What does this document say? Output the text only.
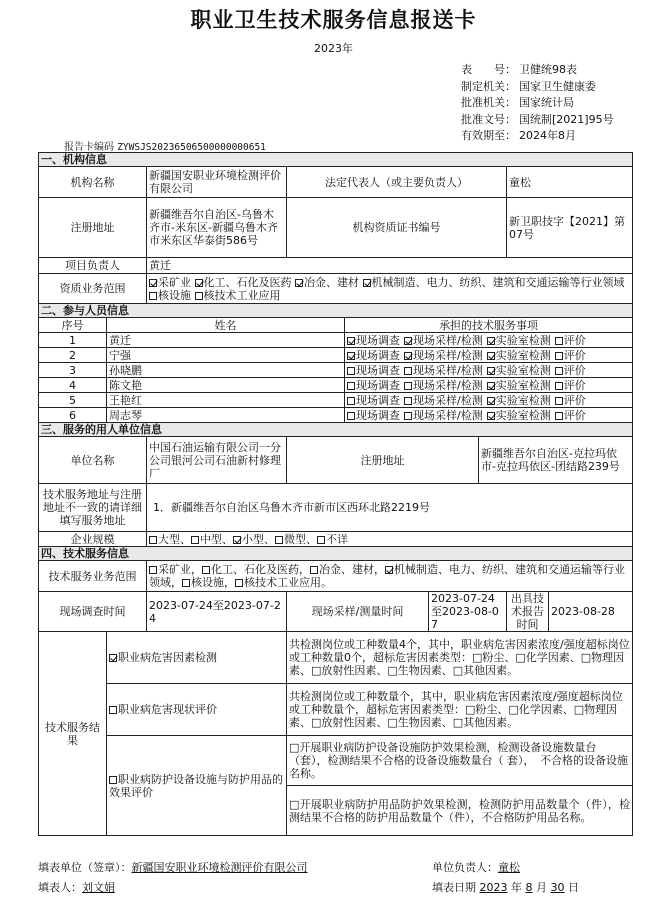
职业卫生技术服务信息报送卡
2023年
表　　号： 卫健统98表
制定机关： 国家卫生健康委
批准机关： 国家统计局
批准文号： 国统制[2021]95号
有效期至： 2024年8月
报告卡编码 ZYWSJS20236506500000000651
一、机构信息								
机构名称		新疆国安职业环境检测评价有限公司	法定代表人（或主要负责人）				童松	
注册地址		新疆维吾尔自治区-乌鲁木齐市-米东区-新疆乌鲁木齐市米东区华泰街586号	机构资质证书编号				新卫职技字【2021】第07号	
项目负责人		黄迁						
资质业务范围		采矿业 化工、石化及医药 冶金、建材 机械制造、电力、纺织、建筑和交通运输等行业领域 核设施 核技术工业应用						
二、参与人员信息								
序号	姓名			承担的技术服务事项				
1	黄迁			现场调查 现场采样/检测 实验室检测 评价				
2	宁强			现场调查 现场采样/检测 实验室检测 评价				
3	孙晓鹏			现场调查 现场采样/检测 实验室检测 评价				
4	陈文艳			现场调查 现场采样/检测 实验室检测 评价				
5	王艳红			现场调查 现场采样/检测 实验室检测 评价				
6	周志琴			现场调查 现场采样/检测 实验室检测 评价				
三、服务的用人单位信息								
单位名称		中国石油运输有限公司一分公司银河公司石油新村修理厂	注册地址			新疆维吾尔自治区-克拉玛依市-克拉玛依区-团结路239号		
技术服务地址与注册地址不一致的请详细填写服务地址		1．新疆维吾尔自治区乌鲁木齐市新市区西环北路2219号						
企业规模		大型、 中型、 小型、 微型、 不详						
四、技术服务信息								
技术服务业务范围		采矿业， 化工、石化及医药， 冶金、建材， 机械制造、电力、纺织、建筑和交通运输等行业领域， 核设施， 核技术工业应用。						
现场调查时间		2023-07-24至2023-07-24	现场采样/测量时间		2023-07-24至2023-08-07		出具技术报告时间	2023-08-28
技术服务结果	职业病危害因素检测		共检测岗位或工种数量4个，其中，职业病危害因素浓度/强度超标岗位或工种数量0个，超标危害因素类型：□粉尘、□化学因素、□物理因素、□放射性因素、□生物因素、□其他因素。					
	职业病危害现状评价		共检测岗位或工种数量个，其中，职业病危害因素浓度/强度超标岗位或工种数量个，超标危害因素类型：□粉尘、□化学因素、□物理因素、□放射性因素、□生物因素、□其他因素。					
	职业病防护设备设施与防护用品的效果评价		□开展职业病防护设备设施防护效果检测，检测设备设施数量台（套），检测结果不合格的设备设施数量台（ 套），　不合格的设备设施名称。					
			□开展职业病防护用品防护效果检测，检测防护用品数量个（件），检测结果不合格的防护用品数量个（件），不合格防护用品名称。					
填表单位（签章）：新疆国安职业环境检测评价有限公司	单位负责人：童松
填表人：刘文娟	填表日期 2023 年 8 月 30 日
